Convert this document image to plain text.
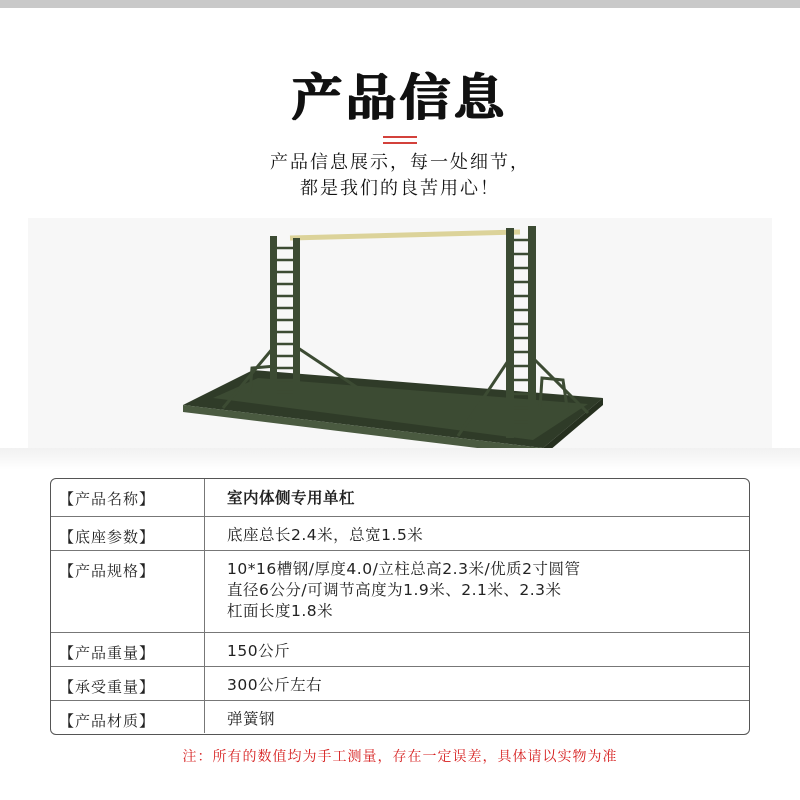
产品信息
产品信息展示，每一处细节，
都是我们的良苦用心！
【产品名称】	室内体侧专用单杠
【底座参数】	底座总长2.4米，总宽1.5米
【产品规格】	10*16槽钢/厚度4.0/立柱总高2.3米/优质2寸圆管
直径6公分/可调节高度为1.9米、2.1米、2.3米
杠面长度1.8米
【产品重量】	150公斤
【承受重量】	300公斤左右
【产品材质】	弹簧钢
注：所有的数值均为手工测量，存在一定误差，具体请以实物为准
